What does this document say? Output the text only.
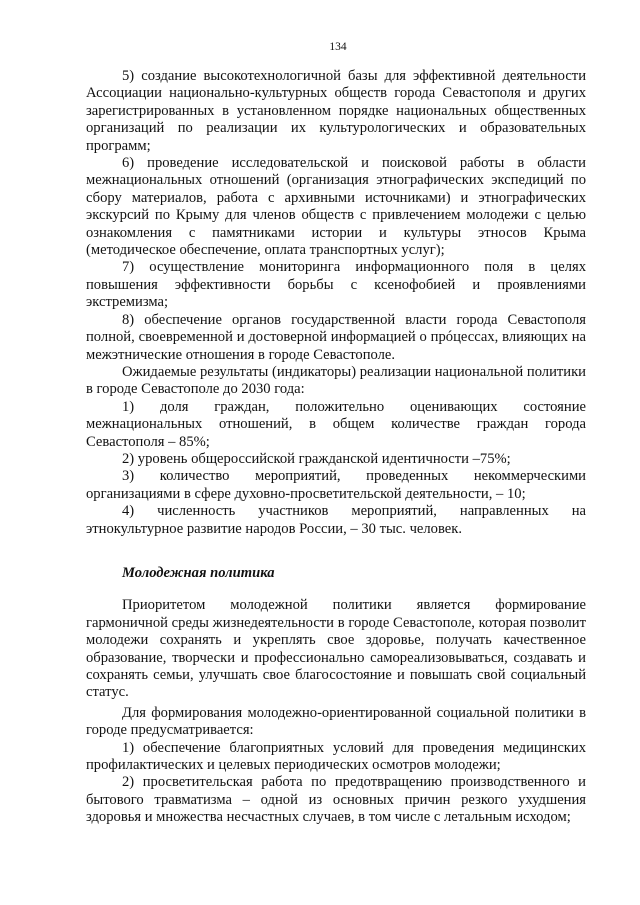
134

5) создание высокотехнологичной базы для эффективной деятельности Ассоциации национально-культурных обществ города Севастополя и других зарегистрированных в установленном порядке национальных общественных организаций по реализации их культурологических и образовательных программ;

6) проведение исследовательской и поисковой работы в области межнациональных отношений (организация этнографических экспедиций по сбору материалов, работа с архивными источниками) и этнографических экскурсий по Крыму для членов обществ с привлечением молодежи с целью ознакомления с памятниками истории и культуры этносов Крыма (методическое обеспечение, оплата транспортных услуг);

7) осуществление мониторинга информационного поля в целях повышения эффективности борьбы с ксенофобией и проявлениями экстремизма;

8) обеспечение органов государственной власти города Севастополя полной, своевременной и достоверной информацией о прóцессах, влияющих на межэтнические отношения в городе Севастополе.

Ожидаемые результаты (индикаторы) реализации национальной политики в городе Севастополе до 2030 года:

1) доля граждан, положительно оценивающих состояние межнациональных отношений, в общем количестве граждан города Севастополя – 85%;

2) уровень общероссийской гражданской идентичности –75%;

3) количество мероприятий, проведенных некоммерческими организациями в сфере духовно-просветительской деятельности, – 10;

4) численность участников мероприятий, направленных на этнокультурное развитие народов России, – 30 тыс. человек.

Молодежная политика

Приоритетом молодежной политики является формирование гармоничной среды жизнедеятельности в городе Севастополе, которая позволит молодежи сохранять и укреплять свое здоровье, получать качественное образование, творчески и профессионально самореализовываться, создавать и сохранять семьи, улучшать свое благосостояние и повышать свой социальный статус.

Для формирования молодежно-ориентированной социальной политики в городе предусматривается:

1) обеспечение благоприятных условий для проведения медицинских профилактических и целевых периодических осмотров молодежи;

2) просветительская работа по предотвращению производственного и бытового травматизма – одной из основных причин резкого ухудшения здоровья и множества несчастных случаев, в том числе с летальным исходом;
